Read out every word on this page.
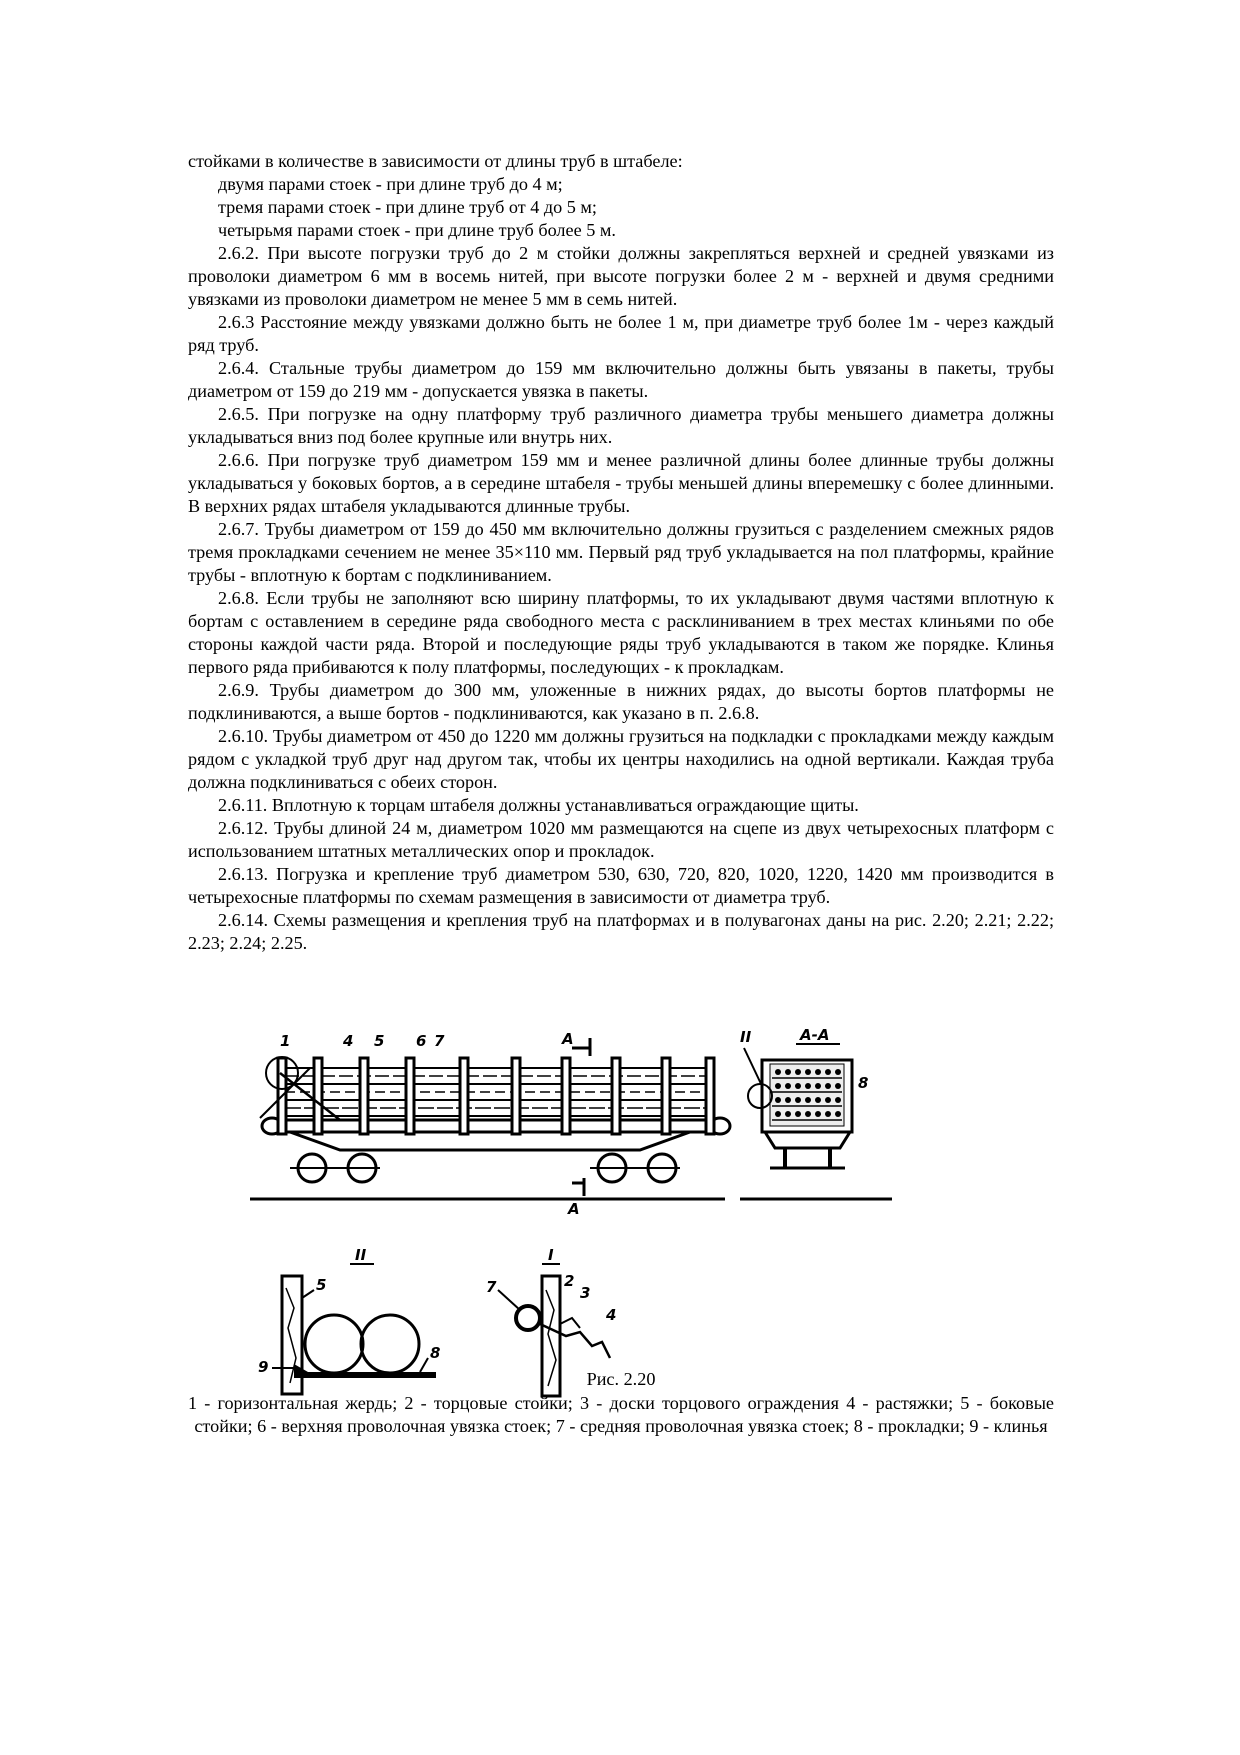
стойками в количестве в зависимости от длины труб в штабеле:

двумя парами стоек - при длине труб до 4 м;

тремя парами стоек - при длине труб от 4 до 5 м;

четырьмя парами стоек - при длине труб более 5 м.

2.6.2. При высоте погрузки труб до 2 м стойки должны закрепляться верхней и средней увязками из проволоки диаметром 6 мм в восемь нитей, при высоте погрузки более 2 м - верхней и двумя средними увязками из проволоки диаметром не менее 5 мм в семь нитей.

2.6.3 Расстояние между увязками должно быть не более 1 м, при диаметре труб более 1м - через каждый ряд труб.

2.6.4. Стальные трубы диаметром до 159 мм включительно должны быть увязаны в пакеты, трубы диаметром от 159 до 219 мм - допускается увязка в пакеты.

2.6.5. При погрузке на одну платформу труб различного диаметра трубы меньшего диаметра должны укладываться вниз под более крупные или внутрь них.

2.6.6. При погрузке труб диаметром 159 мм и менее различной длины более длинные трубы должны укладываться у боковых бортов, а в середине штабеля - трубы меньшей длины вперемешку с более длинными. В верхних рядах штабеля укладываются длинные трубы.

2.6.7. Трубы диаметром от 159 до 450 мм включительно должны грузиться с разделением смежных рядов тремя прокладками сечением не менее 35×110 мм. Первый ряд труб укладывается на пол платформы, крайние трубы - вплотную к бортам с подклиниванием.

2.6.8. Если трубы не заполняют всю ширину платформы, то их укладывают двумя частями вплотную к бортам с оставлением в середине ряда свободного места с расклиниванием в трех местах клиньями по обе стороны каждой части ряда. Второй и последующие ряды труб укладываются в таком же порядке. Клинья первого ряда прибиваются к полу платформы, последующих - к прокладкам.

2.6.9. Трубы диаметром до 300 мм, уложенные в нижних рядах, до высоты бортов платформы не подклиниваются, а выше бортов - подклиниваются, как указано в п. 2.6.8.

2.6.10. Трубы диаметром от 450 до 1220 мм должны грузиться на подкладки с прокладками между каждым рядом с укладкой труб друг над другом так, чтобы их центры находились на одной вертикали. Каждая труба должна подклиниваться с обеих сторон.

2.6.11. Вплотную к торцам штабеля должны устанавливаться ограждающие щиты.

2.6.12. Трубы длиной 24 м, диаметром 1020 мм размещаются на сцепе из двух четырехосных платформ с использованием штатных металлических опор и прокладок.

2.6.13. Погрузка и крепление труб диаметром 530, 630, 720, 820, 1020, 1220, 1420 мм производится в четырехосные платформы по схемам размещения в зависимости от диаметра труб.

2.6.14. Схемы размещения и крепления труб на платформах и в полувагонах даны на рис. 2.20; 2.21; 2.22; 2.23; 2.24; 2.25.

1	4 5 6 7	A
A
II	A-A
8
II
5
9
8
I
7	2
3
4
Рис. 2.20
1 - горизонтальная жердь; 2 - торцовые стойки; 3 - доски торцового ограждения 4 - растяжки; 5 - боковые стойки; 6 - верхняя проволочная увязка стоек; 7 - средняя проволочная увязка стоек; 8 - прокладки; 9 - клинья
